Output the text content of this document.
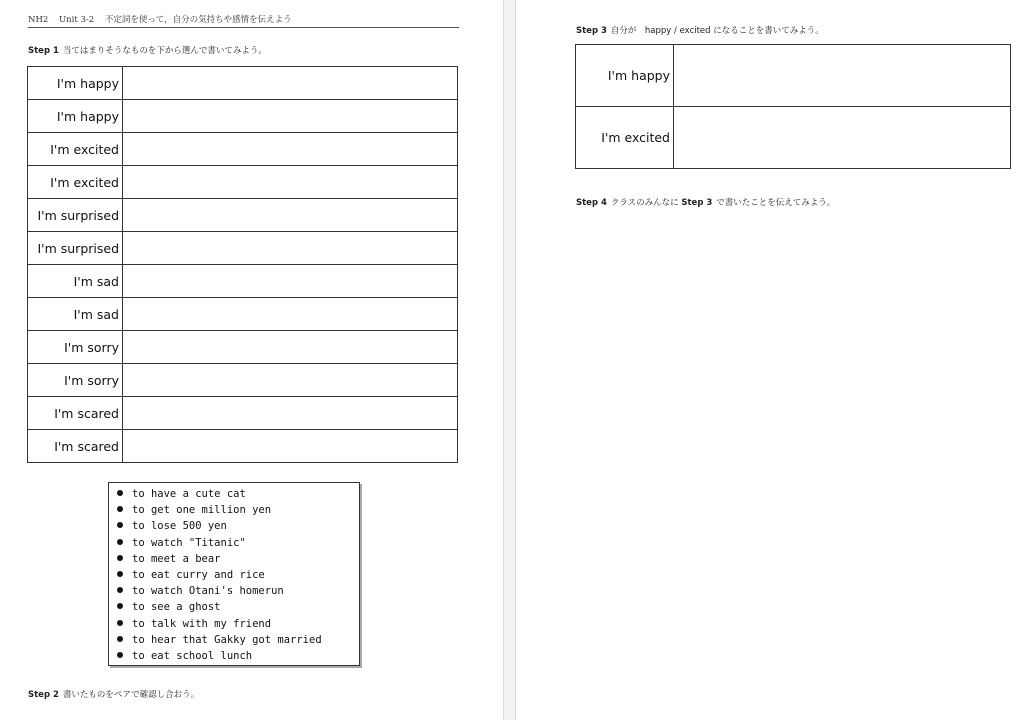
NH2 Unit 3-2 不定詞を使って，自分の気持ちや感情を伝えよう
Step 1 当てはまりそうなものを下から選んで書いてみよう。
I'm happy	
I'm happy	
I'm excited	
I'm excited	
I'm surprised	
I'm surprised	
I'm sad	
I'm sad	
I'm sorry	
I'm sorry	
I'm scared	
I'm scared	
to have a cute cat
to get one million yen
to lose 500 yen
to watch "Titanic"
to meet a bear
to eat curry and rice
to watch Otani's homerun
to see a ghost
to talk with my friend
to hear that Gakky got married
to eat school lunch
Step 2 書いたものをペアで確認し合おう。
Step 3 自分が　happy / excited になることを書いてみよう。
I'm happy	
I'm excited	
Step 4 クラスのみんなに Step 3 で書いたことを伝えてみよう。
